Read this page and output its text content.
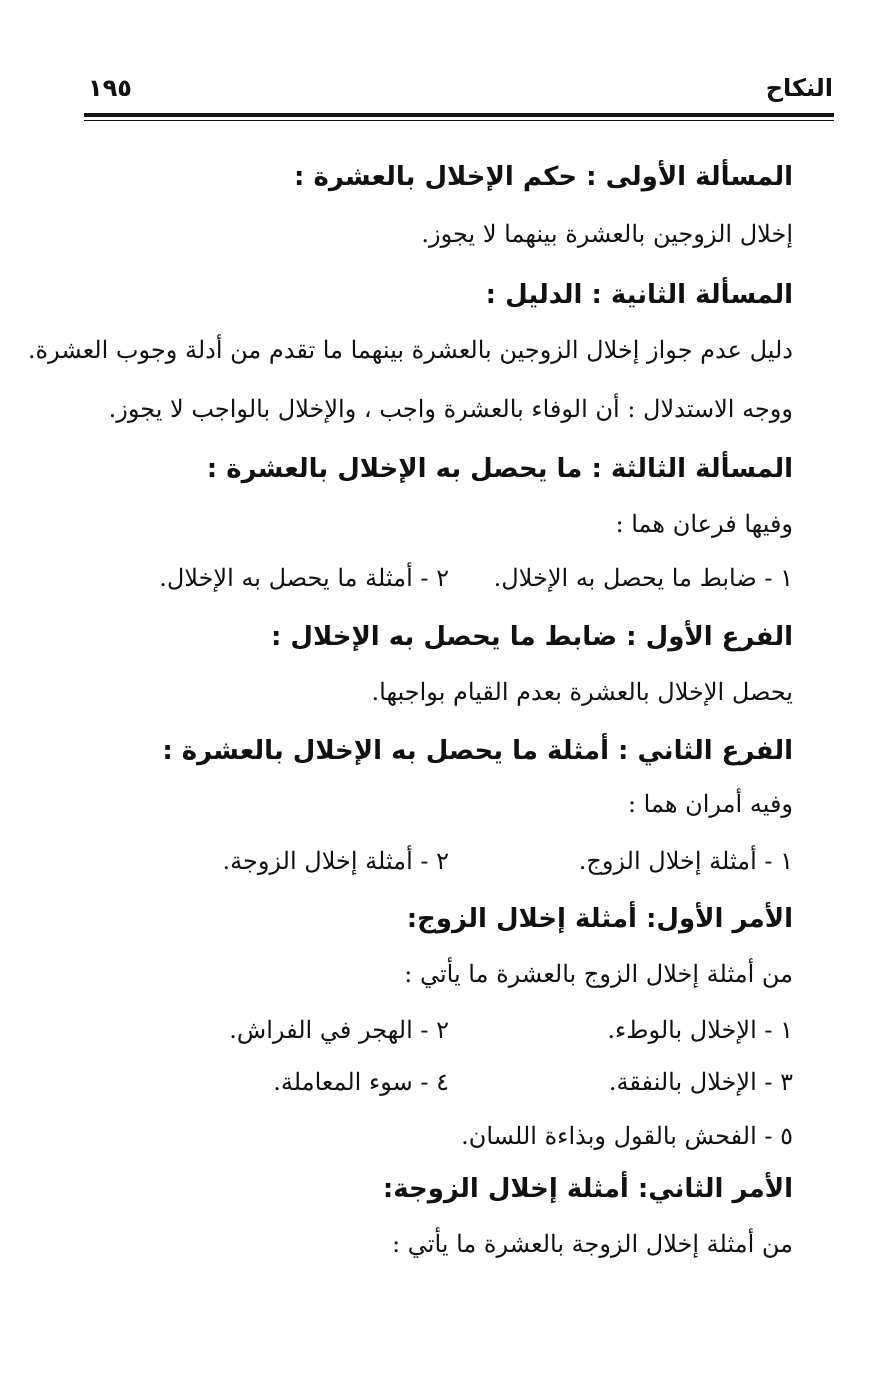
النكاح
١٩٥
المسألة الأولى : حكم الإخلال بالعشرة :
إخلال الزوجين بالعشرة بينهما لا يجوز.
المسألة الثانية : الدليل :
دليل عدم جواز إخلال الزوجين بالعشرة بينهما ما تقدم من أدلة وجوب العشرة.
ووجه الاستدلال : أن الوفاء بالعشرة واجب ، والإخلال بالواجب لا يجوز.
المسألة الثالثة : ما يحصل به الإخلال بالعشرة :
وفيها فرعان هما :
١ - ضابط ما يحصل به الإخلال.
٢ - أمثلة ما يحصل به الإخلال.
الفرع الأول : ضابط ما يحصل به الإخلال :
يحصل الإخلال بالعشرة بعدم القيام بواجبها.
الفرع الثاني : أمثلة ما يحصل به الإخلال بالعشرة :
وفيه أمران هما :
١ - أمثلة إخلال الزوج.
٢ - أمثلة إخلال الزوجة.
الأمر الأول: أمثلة إخلال الزوج:
من أمثلة إخلال الزوج بالعشرة ما يأتي :
١ - الإخلال بالوطء.
٢ - الهجر في الفراش.
٣ - الإخلال بالنفقة.
٤ - سوء المعاملة.
٥ - الفحش بالقول وبذاءة اللسان.
الأمر الثاني: أمثلة إخلال الزوجة:
من أمثلة إخلال الزوجة بالعشرة ما يأتي :
